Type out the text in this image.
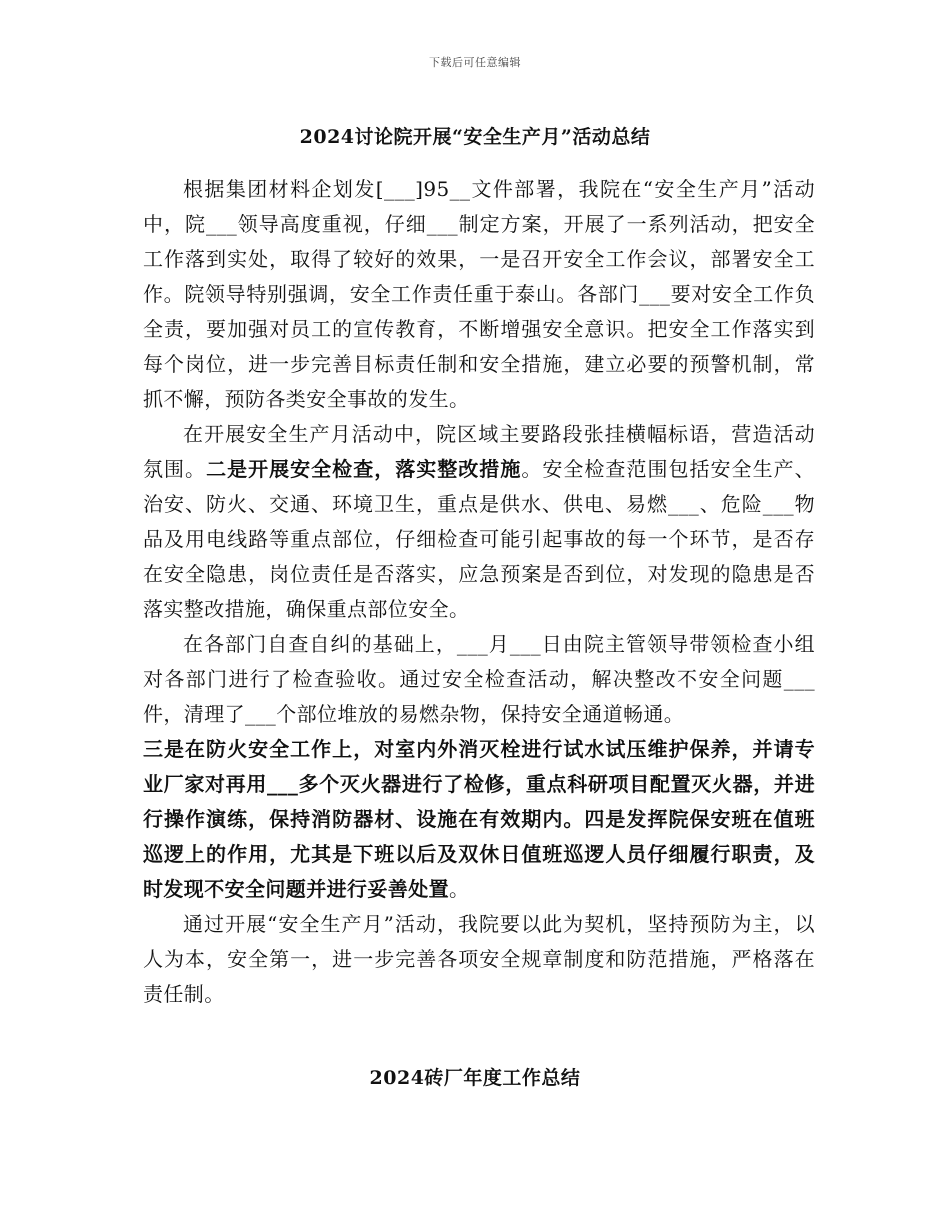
下载后可任意编辑
2024讨论院开展“安全生产月”活动总结

根据集团材料企划发[___]95__文件部署，我院在“安全生产月”活动中，院___领导高度重视，仔细___制定方案，开展了一系列活动，把安全工作落到实处，取得了较好的效果，一是召开安全工作会议，部署安全工作。院领导特别强调，安全工作责任重于泰山。各部门___要对安全工作负全责，要加强对员工的宣传教育，不断增强安全意识。把安全工作落实到每个岗位，进一步完善目标责任制和安全措施，建立必要的预警机制，常抓不懈，预防各类安全事故的发生。

在开展安全生产月活动中，院区域主要路段张挂横幅标语，营造活动氛围。二是开展安全检查，落实整改措施。安全检查范围包括安全生产、治安、防火、交通、环境卫生，重点是供水、供电、易燃___、危险___物品及用电线路等重点部位，仔细检查可能引起事故的每一个环节，是否存在安全隐患，岗位责任是否落实，应急预案是否到位，对发现的隐患是否落实整改措施，确保重点部位安全。

在各部门自查自纠的基础上，___月___日由院主管领导带领检查小组对各部门进行了检查验收。通过安全检查活动，解决整改不安全问题___件，清理了___个部位堆放的易燃杂物，保持安全通道畅通。

三是在防火安全工作上，对室内外消灭栓进行试水试压维护保养，并请专业厂家对再用___多个灭火器进行了检修，重点科研项目配置灭火器，并进行操作演练，保持消防器材、设施在有效期内。四是发挥院保安班在值班巡逻上的作用，尤其是下班以后及双休日值班巡逻人员仔细履行职责，及时发现不安全问题并进行妥善处置。

通过开展“安全生产月”活动，我院要以此为契机，坚持预防为主，以人为本，安全第一，进一步完善各项安全规章制度和防范措施，严格落在责任制。

2024砖厂年度工作总结
